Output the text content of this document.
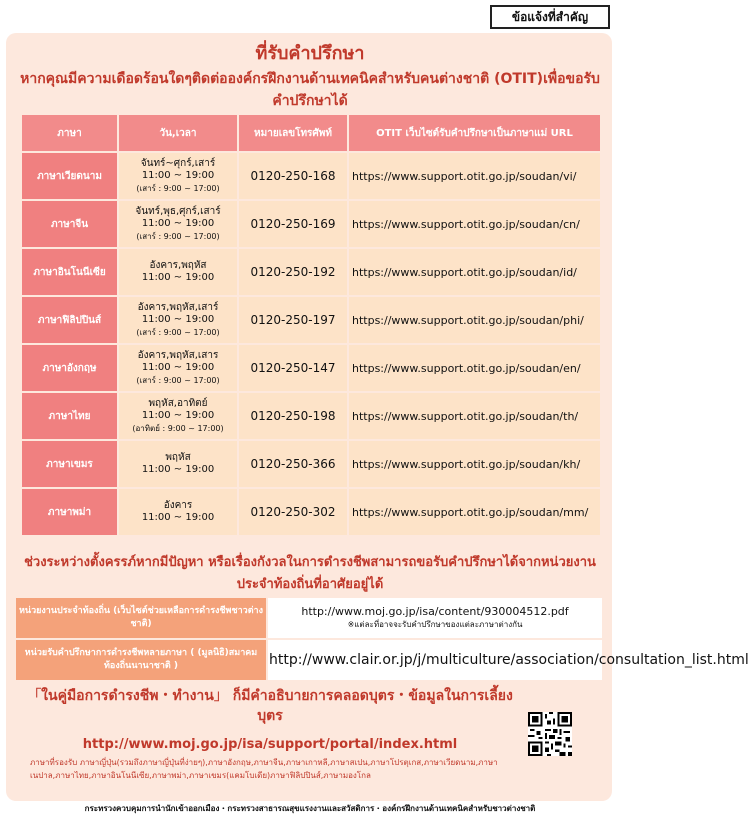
ข้อแจ้งที่สำคัญ
ที่รับคำปรึกษา
หากคุณมีความเดือดร้อนใดๆติดต่อองค์กรฝึกงานด้านเทคนิคสำหรับคนต่างชาติ (OTIT)เพื่อขอรับคำปรึกษาได้
ภาษา	วัน,เวลา	หมายเลขโทรศัพท์	OTIT เว็บไซต์รับคำปรึกษาเป็นภาษาแม่ URL
ภาษาเวียดนาม	จันทร์~ศุกร์,เสาร์
11:00 ~ 19:00
(เสาร์ : 9:00 ~ 17:00)	0120-250-168	https://www.support.otit.go.jp/soudan/vi/
ภาษาจีน	จันทร์,พุธ,ศุกร์,เสาร์
11:00 ~ 19:00
(เสาร์ : 9:00 ~ 17:00)	0120-250-169	https://www.support.otit.go.jp/soudan/cn/
ภาษาอินโนนีเซีย	อังคาร,พฤหัส
11:00 ~ 19:00	0120-250-192	https://www.support.otit.go.jp/soudan/id/
ภาษาฟิลิปปินส์	อังคาร,พฤหัส,เสาร์
11:00 ~ 19:00
(เสาร์ : 9:00 ~ 17:00)	0120-250-197	https://www.support.otit.go.jp/soudan/phi/
ภาษาอังกฤษ	อังคาร,พฤหัส,เสาร
11:00 ~ 19:00
(เสาร์ : 9:00 ~ 17:00)	0120-250-147	https://www.support.otit.go.jp/soudan/en/
ภาษาไทย	พฤหัส,อาทิตย์
11:00 ~ 19:00
(อาทิตย์ : 9:00 ~ 17:00)	0120-250-198	https://www.support.otit.go.jp/soudan/th/
ภาษาเขมร	พฤหัส
11:00 ~ 19:00	0120-250-366	https://www.support.otit.go.jp/soudan/kh/
ภาษาพม่า	อังคาร
11:00 ~ 19:00	0120-250-302	https://www.support.otit.go.jp/soudan/mm/
ช่วงระหว่างตั้งครรภ์หากมีปัญหา หรือเรื่องกังวลในการดำรงชีพสามารถขอรับคำปรึกษาได้จากหน่วยงานประจำท้องถิ่นที่อาศัยอยู่ได้
หน่วยงานประจำท้องถิ่น (เว็บไซต์ช่วยเหลือการดำรงชีพชาวต่างชาติ)	http://www.moj.go.jp/isa/content/930004512.pdf
※แต่ละที่อาจจะรับคำปรึกษาของแต่ละภาษาต่างกัน

หน่วยรับคำปรึกษาการดำรงชีพหลายภาษา ( (มูลนิธิ)สมาคมท้องถิ่นนานาชาติ )	http://www.clair.or.jp/j/multiculture/association/consultation_list.html
「ในคู่มือการดำรงชีพ・ทำงาน」 ก็มีคำอธิบายการคลอดบุตร・ข้อมูลในการเลี้ยงบุตร
http://www.moj.go.jp/isa/support/portal/index.html
ภาษาที่รองรับ ภาษาญี่ปุ่น(รวมถึงภาษาญี่ปุ่นที่ง่ายๆ),ภาษาอังกฤษ,ภาษาจีน,ภาษาเกาหลี,ภาษาสเปน,ภาษาโปรตุเกส,ภาษาเวียดนาม,ภาษาเนปาล,ภาษาไทย,ภาษาอินโนนีเซีย,ภาษาพม่า,ภาษาเขมร(แคมโบเดีย)ภาษาฟิลิปปินส์,ภาษามองโกล
กระทรวงควบคุมการนำนักเข้าออกเมือง・กระทรวงสาธารณสุขแรงงานและสวัสดิการ・องค์กรฝึกงานด้านเทคนิคสำหรับชาวต่างชาติ
